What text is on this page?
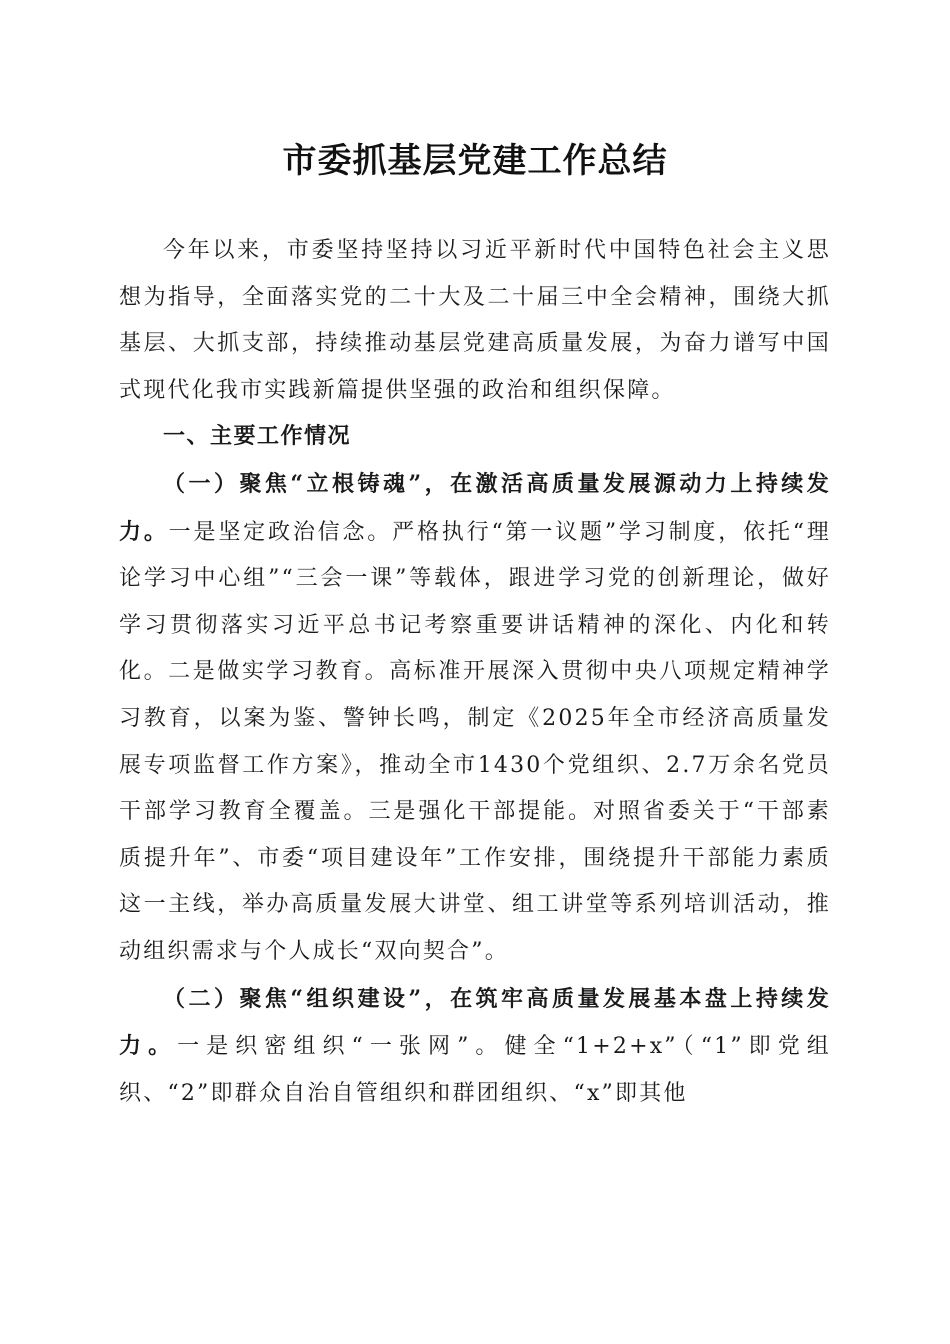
市委抓基层党建工作总结

今年以来，市委坚持坚持以习近平新时代中国特色社会主义思想为指导，全面落实党的二十大及二十届三中全会精神，围绕大抓基层、大抓支部，持续推动基层党建高质量发展，为奋力谱写中国式现代化我市实践新篇提供坚强的政治和组织保障。

一、主要工作情况

（一）聚焦“立根铸魂”，在激活高质量发展源动力上持续发力。一是坚定政治信念。严格执行“第一议题”学习制度，依托“理论学习中心组”“三会一课”等载体，跟进学习党的创新理论，做好学习贯彻落实习近平总书记考察重要讲话精神的深化、内化和转化。二是做实学习教育。高标准开展深入贯彻中央八项规定精神学习教育，以案为鉴、警钟长鸣，制定《2025年全市经济高质量发展专项监督工作方案》，推动全市1430个党组织、2.7万余名党员干部学习教育全覆盖。三是强化干部提能。对照省委关于“干部素质提升年”、市委“项目建设年”工作安排，围绕提升干部能力素质这一主线，举办高质量发展大讲堂、组工讲堂等系列培训活动，推动组织需求与个人成长“双向契合”。

（二）聚焦“组织建设”，在筑牢高质量发展基本盘上持续发力。一是织密组织“一张网”。健全“1+2+x”（“1”即党组织、“2”即群众自治自管组织和群团组织、“x”即其他
